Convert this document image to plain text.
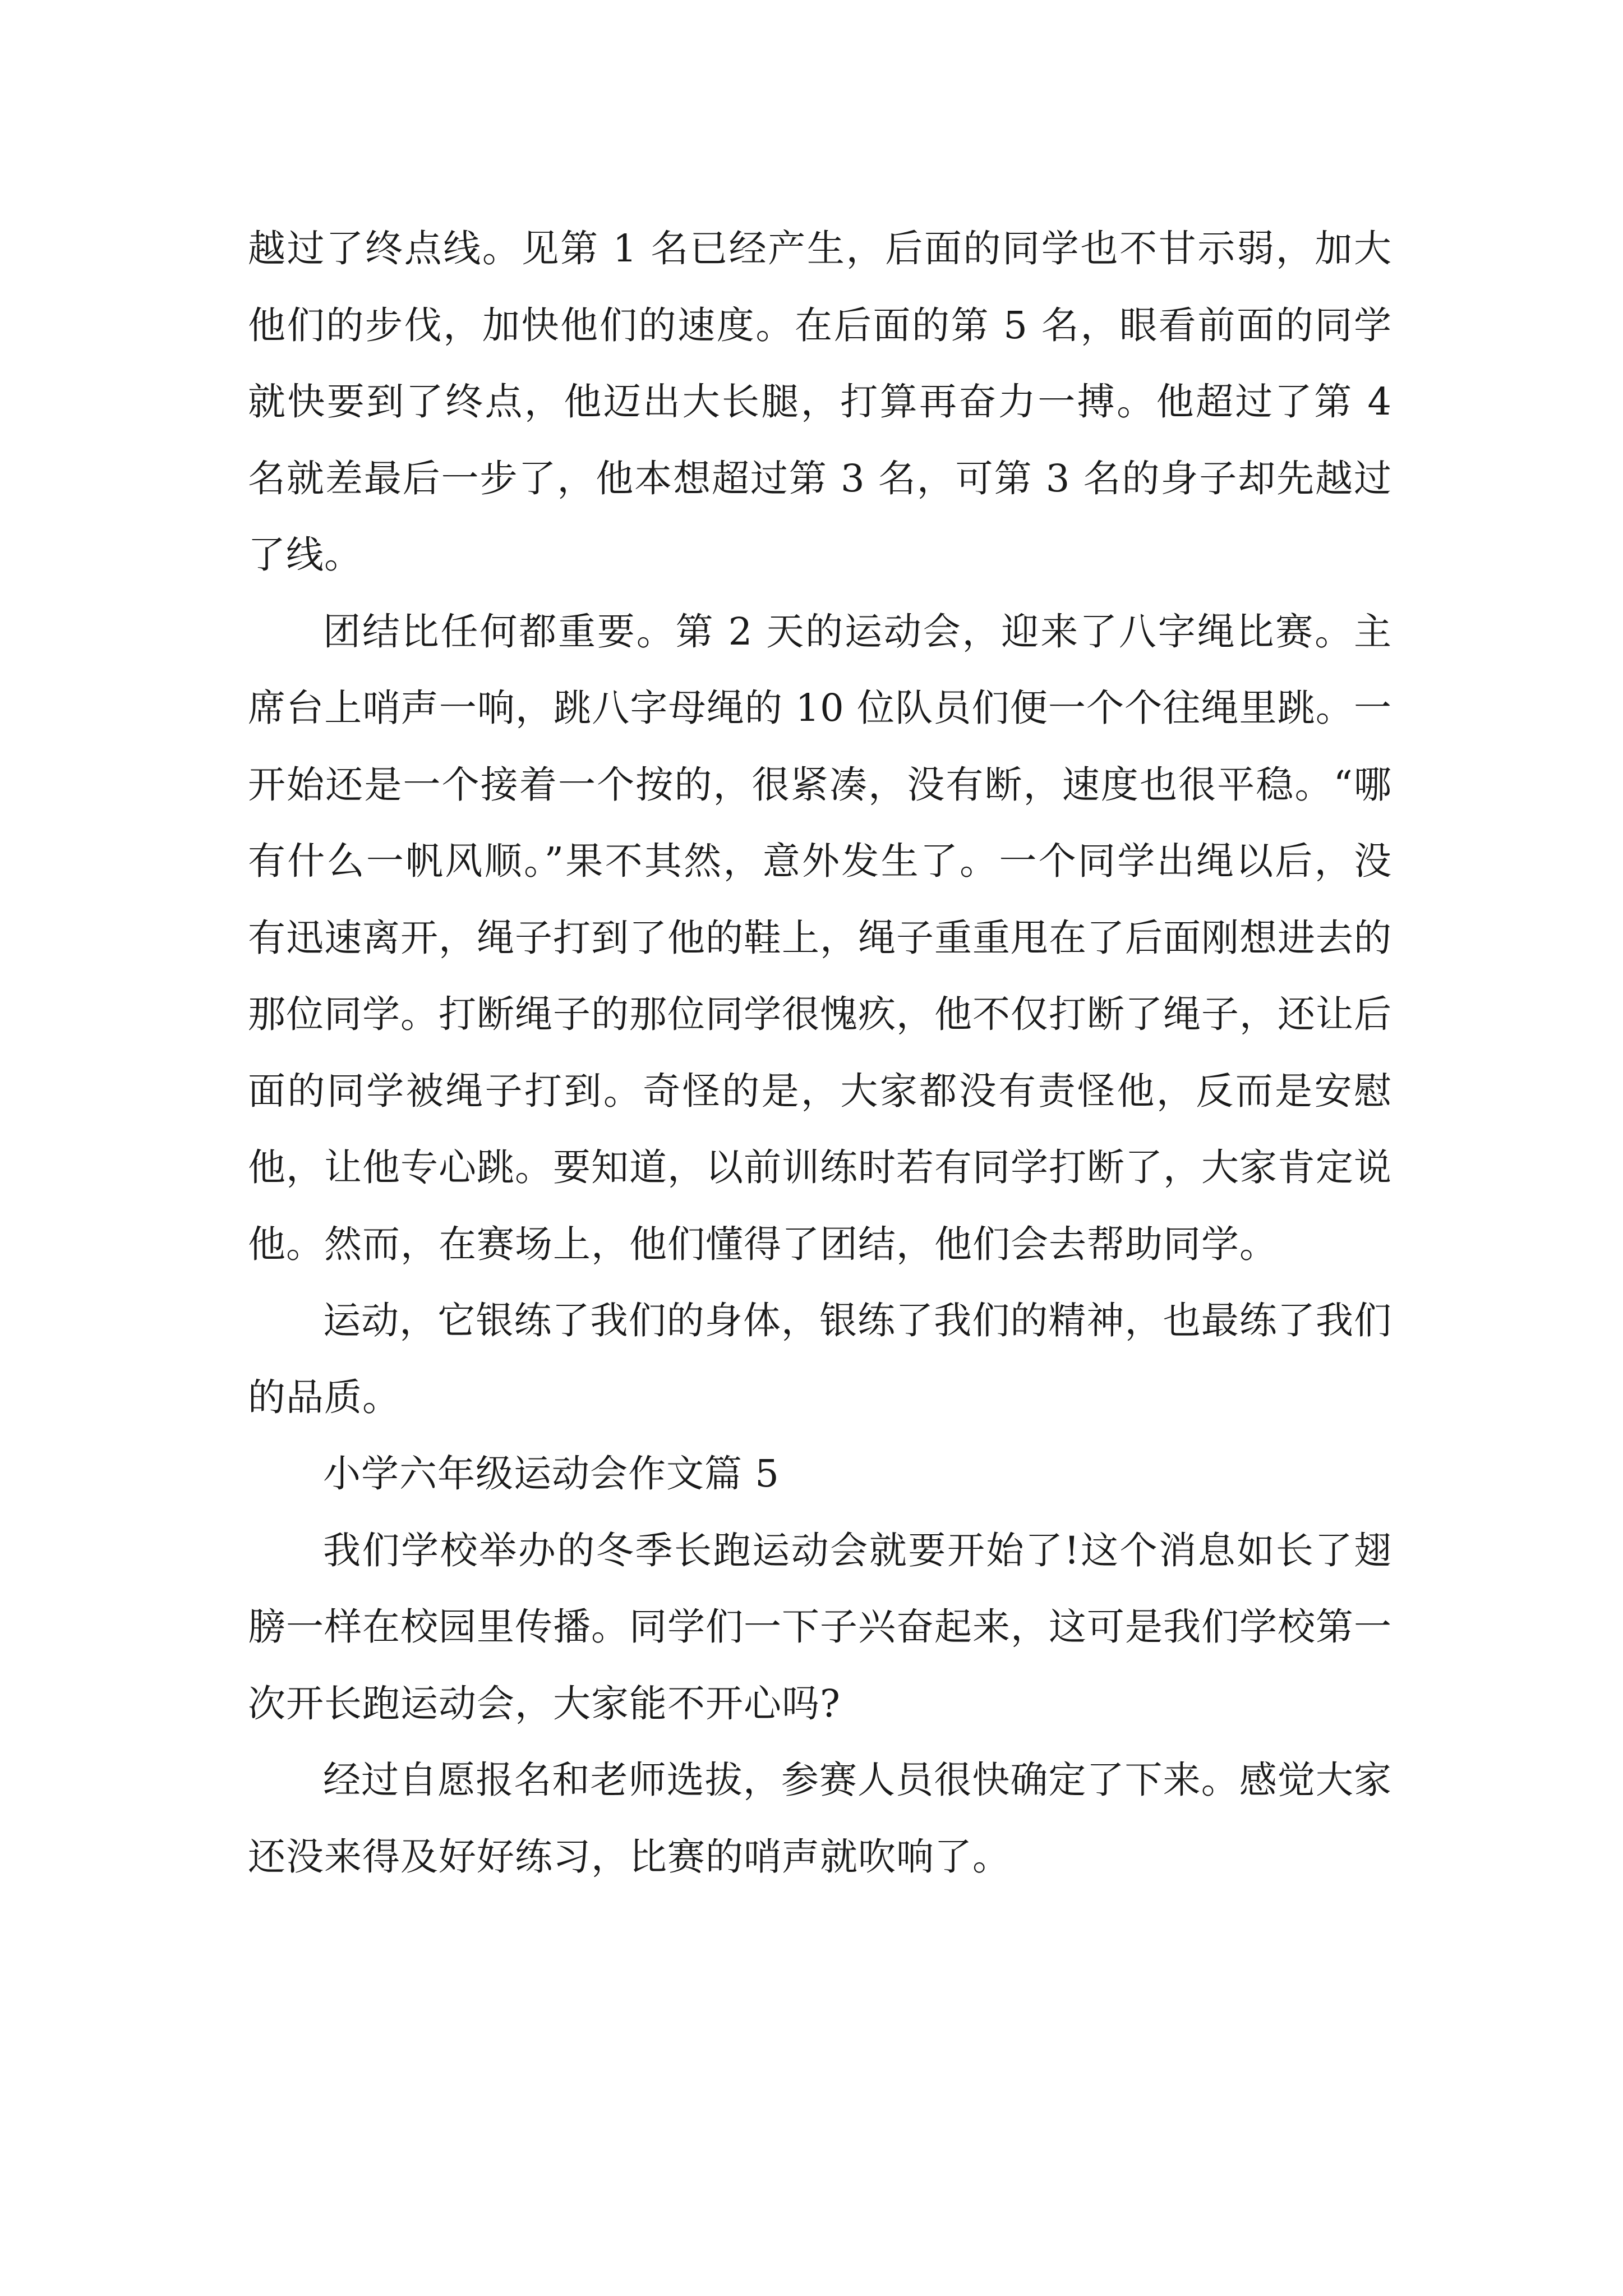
越过了终点线。见第 1 名已经产生，后面的同学也不甘示弱，加大他们的步伐，加快他们的速度。在后面的第 5 名，眼看前面的同学就快要到了终点，他迈出大长腿，打算再奋力一搏。他超过了第 4 名就差最后一步了，他本想超过第 3 名，可第 3 名的身子却先越过了线。

团结比任何都重要。第 2 天的运动会，迎来了八字绳比赛。主席台上哨声一响，跳八字母绳的 10 位队员们便一个个往绳里跳。一开始还是一个接着一个按的，很紧凑，没有断，速度也很平稳。“哪有什么一帆风顺。”果不其然，意外发生了。一个同学出绳以后，没有迅速离开，绳子打到了他的鞋上，绳子重重甩在了后面刚想进去的那位同学。打断绳子的那位同学很愧疚，他不仅打断了绳子，还让后面的同学被绳子打到。奇怪的是，大家都没有责怪他，反而是安慰他，让他专心跳。要知道，以前训练时若有同学打断了，大家肯定说他。然而，在赛场上，他们懂得了团结，他们会去帮助同学。

运动，它银练了我们的身体，银练了我们的精神，也最练了我们的品质。

小学六年级运动会作文篇 5

我们学校举办的冬季长跑运动会就要开始了!这个消息如长了翅膀一样在校园里传播。同学们一下子兴奋起来，这可是我们学校第一次开长跑运动会，大家能不开心吗?

经过自愿报名和老师选拔，参赛人员很快确定了下来。感觉大家还没来得及好好练习，比赛的哨声就吹响了。
